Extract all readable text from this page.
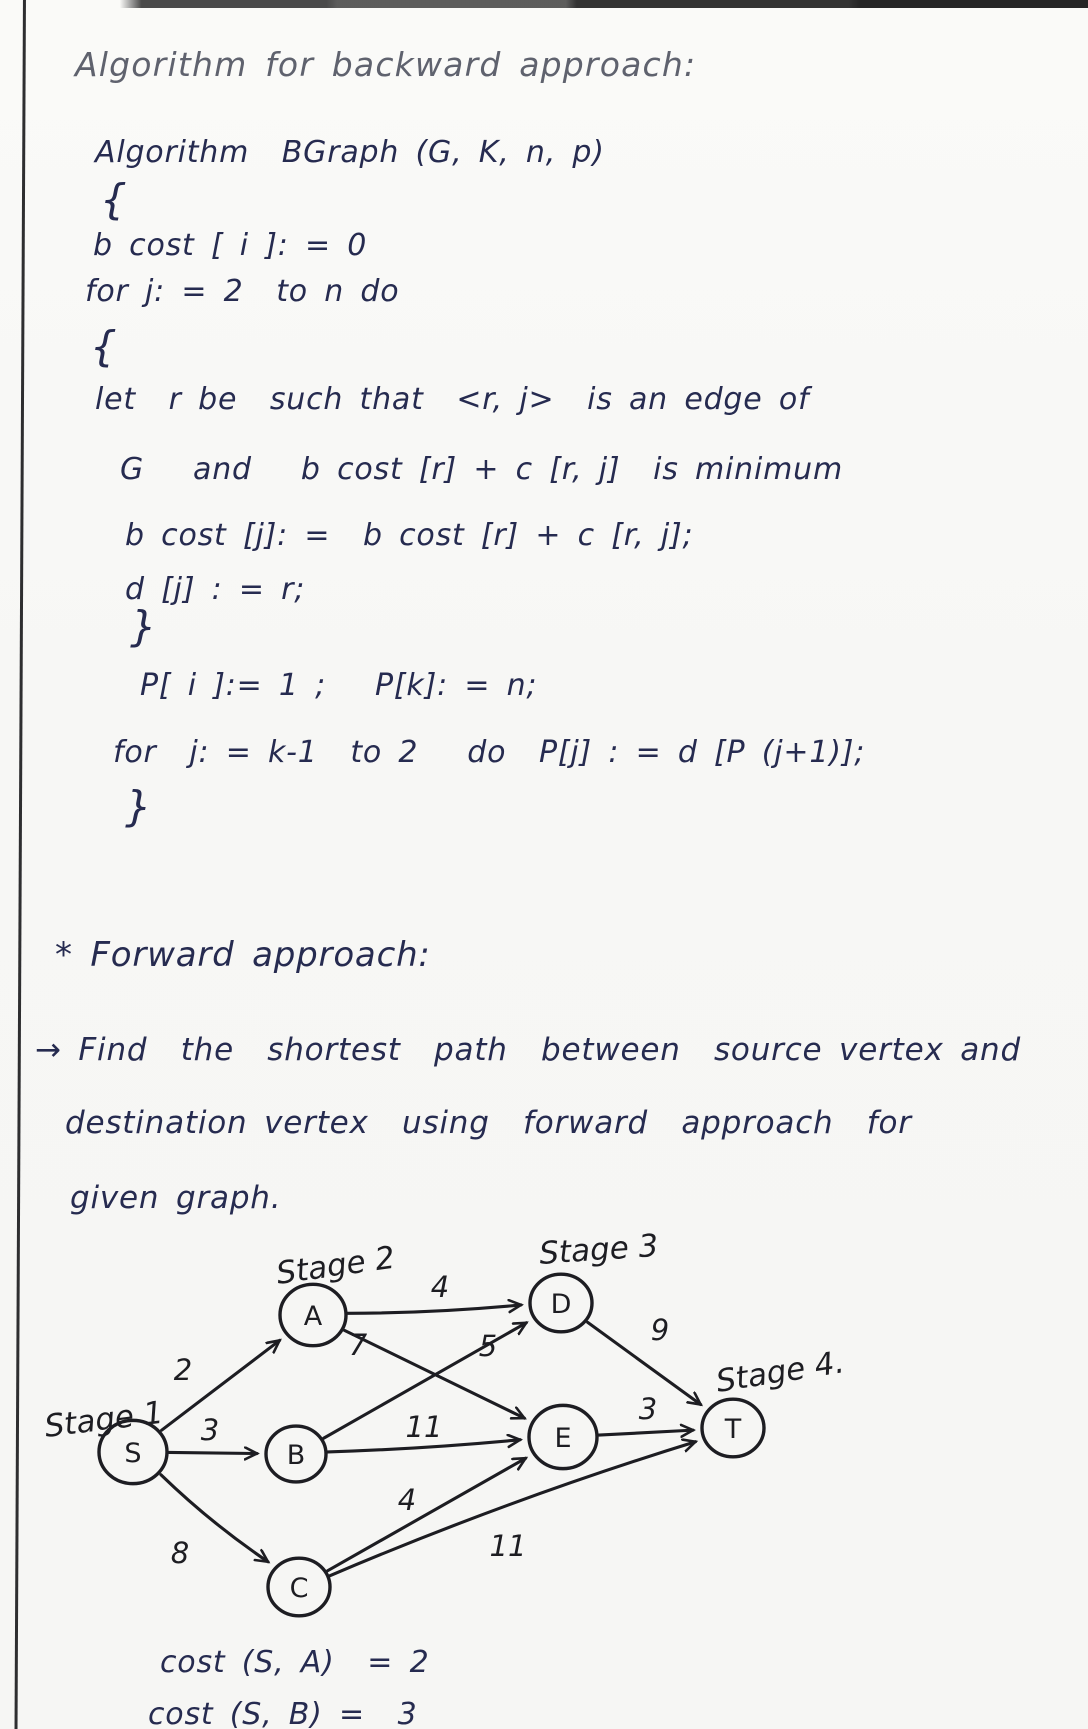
Algorithm for backward approach:
Algorithm  BGraph (G, K, n, p)
{
b cost [ i ]: = 0
for j: = 2  to n do
{
let  r be  such that  <r, j>  is an edge of
G   and   b cost [r] + c [r, j]  is minimum
b cost [j]: =  b cost [r] + c [r, j];
d [j] : = r;
}
P[ i ]:= 1 ;   P[k]: = n;
for  j: = k-1  to 2   do  P[j] : = d [P (j+1)];
}
* Forward approach:
→ Find  the  shortest  path  between  source vertex and
destination vertex  using  forward  approach  for
given graph.
2
3
8
4
7	5
11
4
11
9
3
S
A
B
C
D
E	T
Stage 1
Stage 2	Stage 3
Stage 4.
cost (S, A)  = 2
cost (S, B) =  3
